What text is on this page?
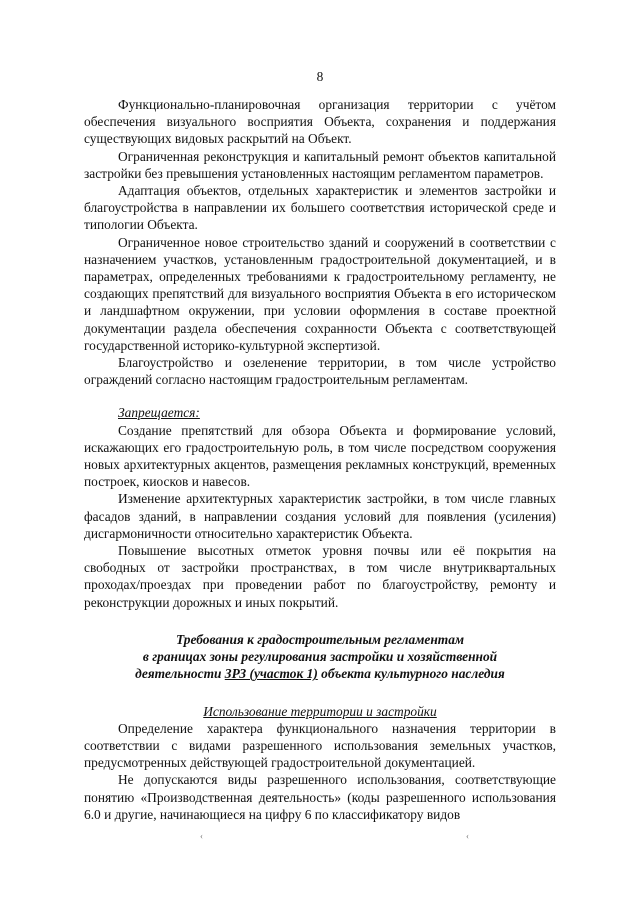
8

Функционально-планировочная организация территории с учётом обеспечения визуального восприятия Объекта, сохранения и поддержания существующих видовых раскрытий на Объект.

Ограниченная реконструкция и капитальный ремонт объектов капитальной застройки без превышения установленных настоящим регламентом параметров.

Адаптация объектов, отдельных характеристик и элементов застройки и благоустройства в направлении их большего соответствия исторической среде и типологии Объекта.

Ограниченное новое строительство зданий и сооружений в соответствии с назначением участков, установленным градостроительной документацией, и в параметрах, определенных требованиями к градостроительному регламенту, не создающих препятствий для визуального восприятия Объекта в его историческом и ландшафтном окружении, при условии оформления в составе проектной документации раздела обеспечения сохранности Объекта с соответствующей государственной историко-культурной экспертизой.

Благоустройство и озеленение территории, в том числе устройство ограждений согласно настоящим градостроительным регламентам.

Запрещается:

Создание препятствий для обзора Объекта и формирование условий, искажающих его градостроительную роль, в том числе посредством сооружения новых архитектурных акцентов, размещения рекламных конструкций, временных построек, киосков и навесов.

Изменение архитектурных характеристик застройки, в том числе главных фасадов зданий, в направлении создания условий для появления (усиления) дисгармоничности относительно характеристик Объекта.

Повышение высотных отметок уровня почвы или её покрытия на свободных от застройки пространствах, в том числе внутриквартальных проходах/проездах при проведении работ по благоустройству, ремонту и реконструкции дорожных и иных покрытий.

Требования к градостроительным регламентам

в границах зоны регулирования застройки и хозяйственной

деятельности ЗРЗ (участок 1) объекта культурного наследия

Использование территории и застройки

Определение характера функционального назначения территории в соответствии с видами разрешенного использования земельных участков, предусмотренных действующей градостроительной документацией.

Не допускаются виды разрешенного использования, соответствующие понятию «Производственная деятельность» (коды разрешенного использования 6.0 и другие, начинающиеся на цифру 6 по классификатору видов

‹	‹
